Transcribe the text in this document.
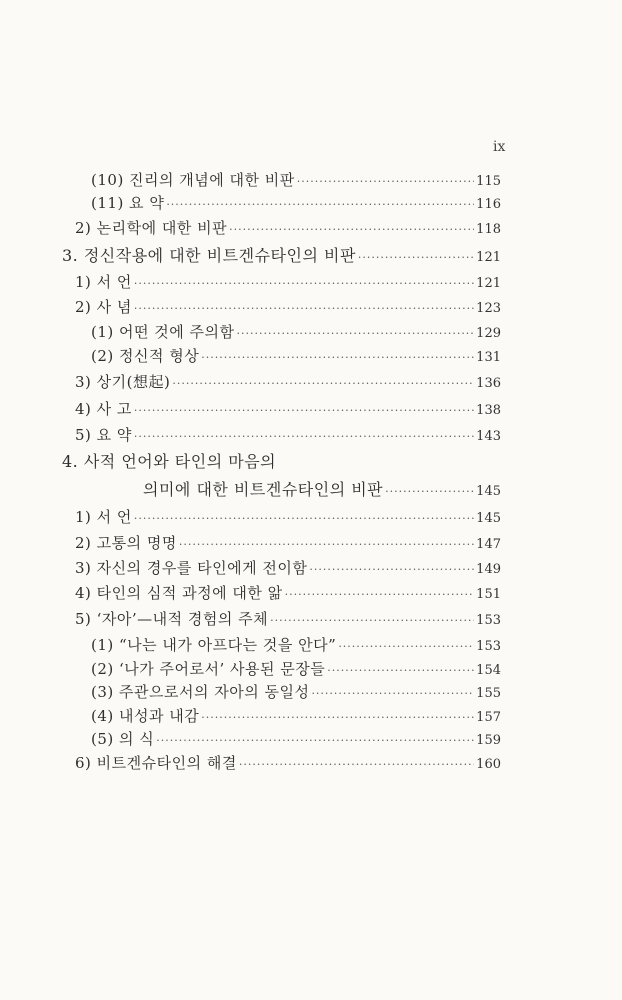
ix
(10) 진리의 개념에 대한 비판 ·····	115
(11) 요 약 ·····	116
2) 논리학에 대한 비판 ·····	118
3. 정신작용에 대한 비트겐슈타인의 비판 ·····	121
1) 서 언 ·····	121
2) 사 념 ·····	123
(1) 어떤 것에 주의함 ·····	129
(2) 정신적 형상 ·····	131
3) 상기(想起) ·····	136
4) 사 고 ·····	138
5) 요 약 ·····	143
4. 사적 언어와 타인의 마음의
의미에 대한 비트겐슈타인의 비판 ·····	145
1) 서 언 ·····	145
2) 고통의 명명 ·····	147
3) 자신의 경우를 타인에게 전이함 ·····	149
4) 타인의 심적 과정에 대한 앎 ·····	151
5) ‘자아’—내적 경험의 주체 ·····	153
(1) “나는 내가 아프다는 것을 안다” ·····	153
(2) ‘나가 주어로서’ 사용된 문장들 ·····	154
(3) 주관으로서의 자아의 동일성 ·····	155
(4) 내성과 내감 ·····	157
(5) 의 식 ·····	159
6) 비트겐슈타인의 해결 ·····	160
